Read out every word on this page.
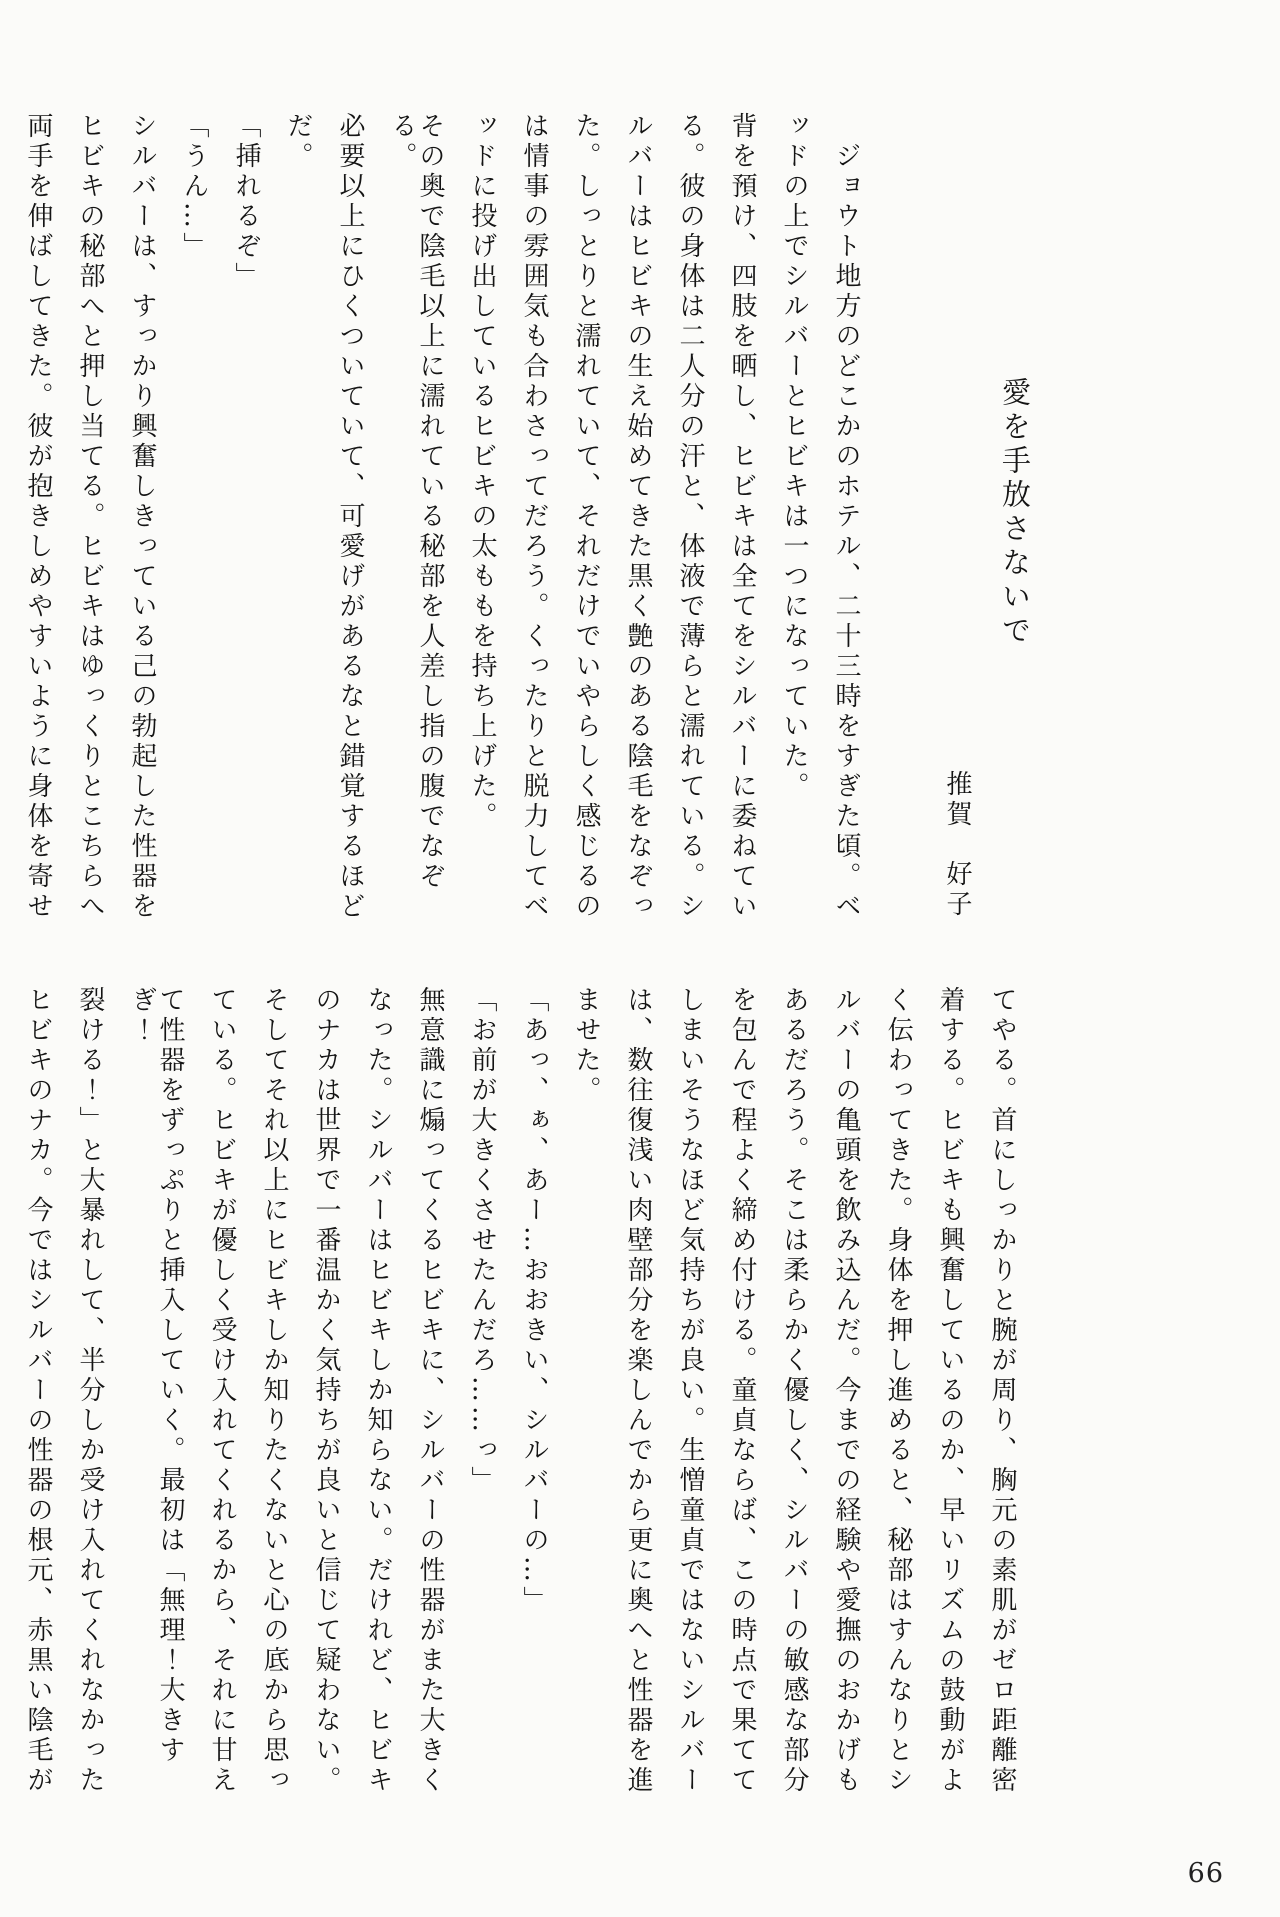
愛を手放さないで

推賀　好子

ジョウト地方のどこかのホテル、二十三時をすぎた頃。ベ

ッドの上でシルバーとヒビキは一つになっていた。

背を預け、四肢を晒し、ヒビキは全てをシルバーに委ねてい

る。彼の身体は二人分の汗と、体液で薄らと濡れている。シ

ルバーはヒビキの生え始めてきた黒く艶のある陰毛をなぞっ

た。しっとりと濡れていて、それだけでいやらしく感じるの

は情事の雰囲気も合わさってだろう。くったりと脱力してベ

ッドに投げ出しているヒビキの太ももを持ち上げた。

その奥で陰毛以上に濡れている秘部を人差し指の腹でなぞる。

必要以上にひくついていて、可愛げがあるなと錯覚するほど

だ。

「挿れるぞ」

「うん…」

シルバーは、すっかり興奮しきっている己の勃起した性器を

ヒビキの秘部へと押し当てる。ヒビキはゆっくりとこちらへ

両手を伸ばしてきた。彼が抱きしめやすいように身体を寄せ

てやる。首にしっかりと腕が周り、胸元の素肌がゼロ距離密

着する。ヒビキも興奮しているのか、早いリズムの鼓動がよ

く伝わってきた。身体を押し進めると、秘部はすんなりとシ

ルバーの亀頭を飲み込んだ。今までの経験や愛撫のおかげも

あるだろう。そこは柔らかく優しく、シルバーの敏感な部分

を包んで程よく締め付ける。童貞ならば、この時点で果てて

しまいそうなほど気持ちが良い。生憎童貞ではないシルバー

は、数往復浅い肉壁部分を楽しんでから更に奥へと性器を進

ませた。

「あっ、ぁ、あー…おおきい、シルバーの…」

「お前が大きくさせたんだろ……っ」

無意識に煽ってくるヒビキに、シルバーの性器がまた大きく

なった。シルバーはヒビキしか知らない。だけれど、ヒビキ

のナカは世界で一番温かく気持ちが良いと信じて疑わない。

そしてそれ以上にヒビキしか知りたくないと心の底から思っ

ている。ヒビキが優しく受け入れてくれるから、それに甘え

て性器をずっぷりと挿入していく。最初は「無理！大きすぎ！

裂ける！」と大暴れして、半分しか受け入れてくれなかった

ヒビキのナカ。今ではシルバーの性器の根元、赤黒い陰毛が

66
